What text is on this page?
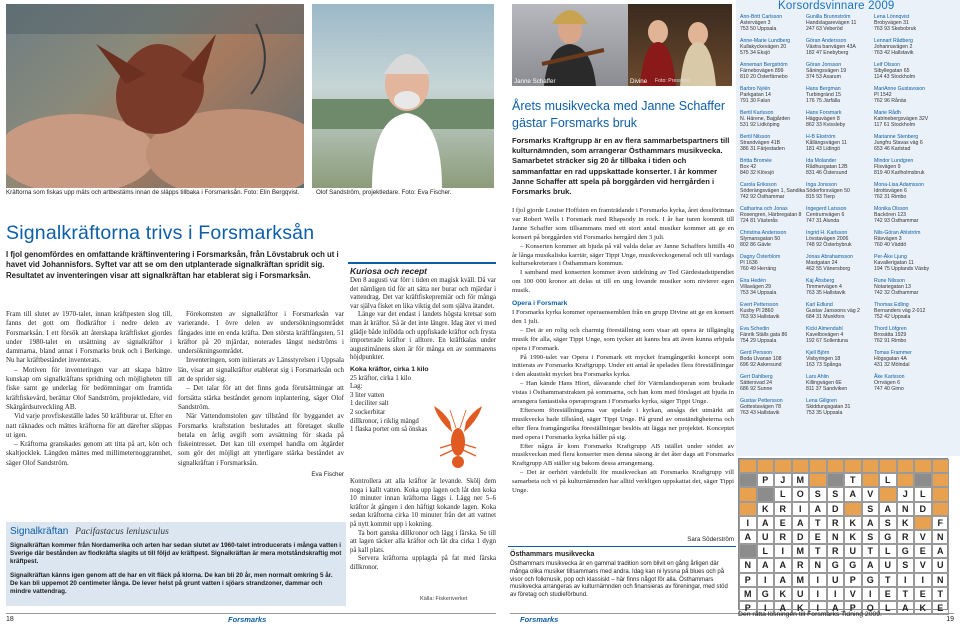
Kräftorna som fiskas upp mäts och artbestäms innan de släpps tillbaka i Forsmarksån. Foto: Elin Bergqvist.	Olof Sandström, projektledare. Foto: Eva Fischer.
Signalkräftorna trivs i Forsmarksån
I fjol genomfördes en omfattande kräftinventering i Forsmarksån, från Lövstabruk och ut i havet vid Johannisfors. Syftet var att se om den utplanterade signalkräftan spridit sig. Resultatet av inventeringen visar att signalkräftan har etablerat sig i Forsmarksån.

Fram till slutet av 1970-talet, innan kräftpesten slog till, fanns det gott om flodkräftor i nedre delen av Forsmarksån. I ett försök att återskapa kräftfisket gjordes under 1980-talet en utsättning av signalkräftor i dammarna, bland annat i Forsmarks bruk och i Berkinge. Nu har kräftbeståndet inventerats.

– Motiven för inventeringen var att skapa bättre kunskap om signalkräftans spridning och möjligheten till fiske samt ge underlag för bedömningar om framtida kräftfiskevård, berättar Olof Sandström, projektledare, vid Skärgårdsutveckling AB.

Vid varje provfiskeställe lades 50 kräftburar ut. Efter en natt räknades och mättes kräftorna för att därefter släppas ut igen.

– Kräftorna granskades genom att titta på art, kön och skaltjocklek. Längden mättes med millimeternoggrannhet, säger Olof Sandström.

Förekomsten av signalkräftor i Forsmarksån var varierande. I övre delen av undersökningsområdet fångades inte en enda kräfta. Den största kräftfångsten, 51 kräftor på 20 mjärdar, noterades längst nedströms i undersökningsområdet.

Inventeringen, som initierats av Länsstyrelsen i Uppsala län, visar att signalkräftor etablerat sig i Forsmarksån och att de sprider sig.

– Det talar för att det finns goda förutsättningar att fortsätta stärka beståndet genom inplantering, säger Olof Sandström.

När Vattendomstolen gav tillstånd för byggandet av Forsmarks kraftstation beslutades att företaget skulle betala en årlig avgift som avsättning för skada på fiskeintresset. Det kan till exempel handla om åtgärder som gör det möjligt att ytterligare stärka beståndet av signalkräftan i Forsmarksån.

Eva Fischer

Kuriosa och recept

Den 8 augusti var förr i tiden en magisk kväll. Då var det nämligen tid för att sätta ner burar och mjärdar i vattendrag. Det var kräftfiskepremiär och för många var själva fisket en lika viktig del som själva ätandet.

Länge var det endast i landets högsta kretsar som man åt kräftor. Så är det inte längre. Idag äter vi med glädje både infödda och uppfiskade kräftor och frysta importerade kräftor i alltore. En kräftkalas under augustimånens sken är för många en av sommarens höjdpunkter.

Koka kräftor, cirka 1 kilo

25 kräftor, cirka 1 kilo

Lag:

3 liter vatten

1 deciliter salt

2 sockerbitar

dillkronor, i riklig mängd

1 flaska porter om så önskas

Kontrollera att alla kräftor är levande. Skölj dem noga i kallt vatten. Koka upp lagen och låt den koka 10 minuter innan kräftorna läggs i. Lägg ner 5–6 kräftor åt gången i den häftigt kokande lagen. Koka sedan kräftorna cirka 10 minuter från det att vattnet på nytt kommit upp i kokning.

Ta bort ganska dillkronor och lägg i färska. Se till att lagen täcker alla kräftor och låt dra cirka 1 dygn på kall plats.

Servera kräftorna upplagda på fat med färska dillkronor.

Källa: Fiskeriverket
Signalkräftan Pacifastacus leniusculus
Signalkräftan kommer från Nordamerika och arten har sedan slutet av 1960-talet introducerats i många vatten i Sverige där bestånden av flodkräfta slagits ut till följd av kräftpest. Signalkräftan är mera motståndskraftig mot kräftpest.
Signalkräftan känns igen genom att de har en vit fläck på klorna. De kan bli 20 år, men normalt omkring 5 år. De kan bli uppemot 20 centimeter långa. De lever helst på grunt vatten i sjöars strandzoner, dammar och mindre vattendrag.
18	Forsmarks
Janne Schaffer	Divine Foto: Pressbild
Årets musikvecka med Janne Schaffer gästar Forsmarks bruk
Forsmarks Kraftgrupp är en av flera sammarbetspartners till kulturnämnden, som arrangerar Östhammars musikvecka. Samarbetet sträcker sig 20 år tillbaka i tiden och sammanfattar en rad uppskattade konserter. I år kommer Janne Schaffer att spela på borggården vid herrgården i Forsmarks bruk.

I fjol gjorde Louise Hoffsten en framträdande i Forsmarks kyrka, året dessförinnan var Robert Wells i Forsmark med Rhapsody in rock. I år har turen kommit till Janne Schaffer som tillsammans med ett stort antal musiker kommer att ge en konsert på borggården vid Forsmarks herrgård den 3 juli.

– Konserten kommer att bjuda på väl valda delar av Janne Schaffers hittills 40 år långa musikaliska karriär, säger Tippi Unge, musikveckogeneral och till vardags kultursekreterare i Östhammars kommun.

I samband med konserten kommer även utdelning av Ted Gärdestadstipendiet om 100 000 kronor att delas ut till en ung lovande musiker som nivierer egen musik.

Opera i Forsmark

I Forsmarks kyrka kommer operaensemblen från en grupp Divine att ge en konsert den 1 juli.

– Det är en rolig och charmig föreställning som visar att opera är tillgänglig musik för alla, säger Tippi Unge, som tycker att kanns bra att även kunna erbjuda opera i Forsmark.

På 1990-talet var Opera i Forsmark ett mycket framgångsrikt koncept som initierats av Forsmarks Kraftgrupp. Under ett antal år spelades flera föreställningar i den akustiskt mycket bra Forsmarks kyrka.

– Han kände Hans Hiort, dåvarande chef för Värmlandsoperan som brukade vistas i Östhammarstrakten på sommarna, och han kom med förslaget att bjuda in arrangera fantastiska operaprogram i Forsmarks kyrka, säger Tippi Unge.

Eftersom föreställningarna var spelade i kyrkan, ansågs det utmärkt att musikvecka hade tillstånd, säger Tippi Unge. På grund av omständigheterna och efter flera framgångsrika föreställningar beslöts att lägga ner projektet. Konceptet med opera i Forsmarks kyrka håller på sig.

Efter några år kom Forsmarks Kraftgrupp AB istället under stödet av musikveckan med flera konserter men denna säsong är det åter dags att Forsmarks Kraftgrupp AB ställer sig bakom dessa arrangemang.

– Det är oerhört värdefullt för musikveckan att Forsmarks Kraftgrupp vill samarbeta och vi på kulturnämnden har alltid verkligen uppskattat det, säger Tippi Unge.

Sara Söderström
Östhammars musikvecka
Östhammars musikvecka är en gammal tradition som blivit en gång årligen där många olika musiker tillsammans med andra. Idag kan ni lyssna på blues och på visor och folkmusik, pop och klassiskt – här finns något för alla. Östhammars musikvecka arrangeras av kulturnämnden och finansieras av föreningar, med stöd av företag och studieförbund.
Forsmarks	19
Korsordsvinnare 2009
Ann-Britt Carlsson
Astervägen 3
753 50 Uppsala
Anne-Marie Lundberg
Kullakyckevägen 20
575 34 Eksjö
Annemari Bergström
Färnebovägen 899
810 20 Österfärnebo
Barbro Nylén
Parkgatan 14
791 30 Falun
Bertil Karlsson
N. Härene, Bajgården
531 92 Lidköping
Bertil Nilsson
Strandvägen 41B
386 31 Färjestaden
Britta Bromée
Box 42
840 32 Klövsjö
Carola Eriksson
Söderängsvägen 1, Sandika
742 92 Östhammar
Catharina och Jonas
Rosengren, Härbregatan 8
724 81 Västerås
Christina Andersson
Slymansgatan 50
802 86 Gävle
Dagny Österblom
Pl 1636
760 49 Herräng
Eira Hedén
Villavägen 29
753 34 Uppsala
Evert Pettersson
Kusby Pl 2860
763 93 Hallstavik
Eva Schedin
Fänrik Ställs gata 86
754 29 Uppsala
Gerd Persson
Boda Uvanan 108
696 92 Askersund
Gert Dahlberg
Sättersvad 24
686 92 Sunne
Gustav Pettersson
Gottestavägen 78
763 43 Hallstavik
Gunilla Brunnström
Handslagarevägen 11
247 63 Veberöd
Göran Andersson
Västra banvägen 43A
182 47 Enebyberg
Göran Jonsson
Såningsvägen 19
374 53 Asarum
Hans Bergman
Turbingränd 15
176 75 Järfälla
Hans Forsmark
Hägguvägen 8
862 33 Kvissleby
H-B Ekström
Kållängsvägen 11
181 43 Lidingö
Ida Molander
Rådhusgatan 12B
831 46 Östersund
Inga Jonsson
Söderforsvägen 50
815 93 Tierp
Ingegerd Larsson
Centrumvägen 6
747 31 Alunda
Ingrid H. Karlsson
Lövstavägen 2006
748 92 Österbybruk
Jonas Abrahamsson
Mastgatan 24
462 55 Vänersborg
Kaj Åhsberg
Timmervägen 4
763 35 Hallstavik
Karl Edlund
Gustav Janssons väg 2
684 31 Munkfors
Kicki Almendahl
Kavelbovägen 4
192 67 Sollentuna
Kjell Björn
Visbyringen 18
163 73 Spånga
Lars Ahlin
Killingvägen 6E
811 37 Sandviken
Lena Gillgren
Skiddungsgatan 31
753 35 Uppsala
Lena Lönnqvist
Brobyvägen 31
763 93 Skebobruk
Lennart Rådberg
Johannavägen 2
763 42 Hallstavik
Leif Olsson
Sibyllegatan 65
114 43 Stockholm
MariAnne Gustavsson
Pl 1542
762 96 Rånäs
Marie Rådh
Katrinebergsvägen 32V
117 61 Stockholm
Marianne Stenberg
Jungfru Stavas väg 6
653 46 Karlstad
Mindor Lundgren
Flisvägen 9
819 40 Karlholmsbruk
Mona-Lisa Adamsson
Idrottsvägen 6
762 31 Rimbo
Monika Olsson
Backören 123
742 93 Östhammar
Nils-Göran Ahlström
Rävvägen 3
760 40 Väddö
Per-Åke Ljung
Kavallerigatan 11
194 75 Upplands Väsby
Rune Nilsson
Notariegatan 13
742 32 Östhammar
Thomas Edling
Bernanders väg 2-012
752 42 Uppsala
Thord Löfgren
Brosätta 1929
762 91 Rimbo
Tomas Frammer
Högsgatan 4A
431 32 Mölndal
Åke Karlsson
Orrvägen 6
747 40 Gimo
P	J	M	T	L
L	O	S	S	A	V	J	L
K	R	I	A	D	S	A	N	D
I	A	E	A	T	R	K	A	S	K	F
A	U	R	D	E	N	K	S	G	R	V	N
L	I	M	T	R	U	T	L	G	E	A
N	A	A	R	N	G	G	A	U	S	V	U
P	I	A	M	I	U	P	G	T	I	I	N
M	G	K	U	I	I	V	I	E	T	E	T
P	I	A	K	I	A	P	O	L	A	K	E
Den rätta lösningen till Forsmarks Tidning 2009.
